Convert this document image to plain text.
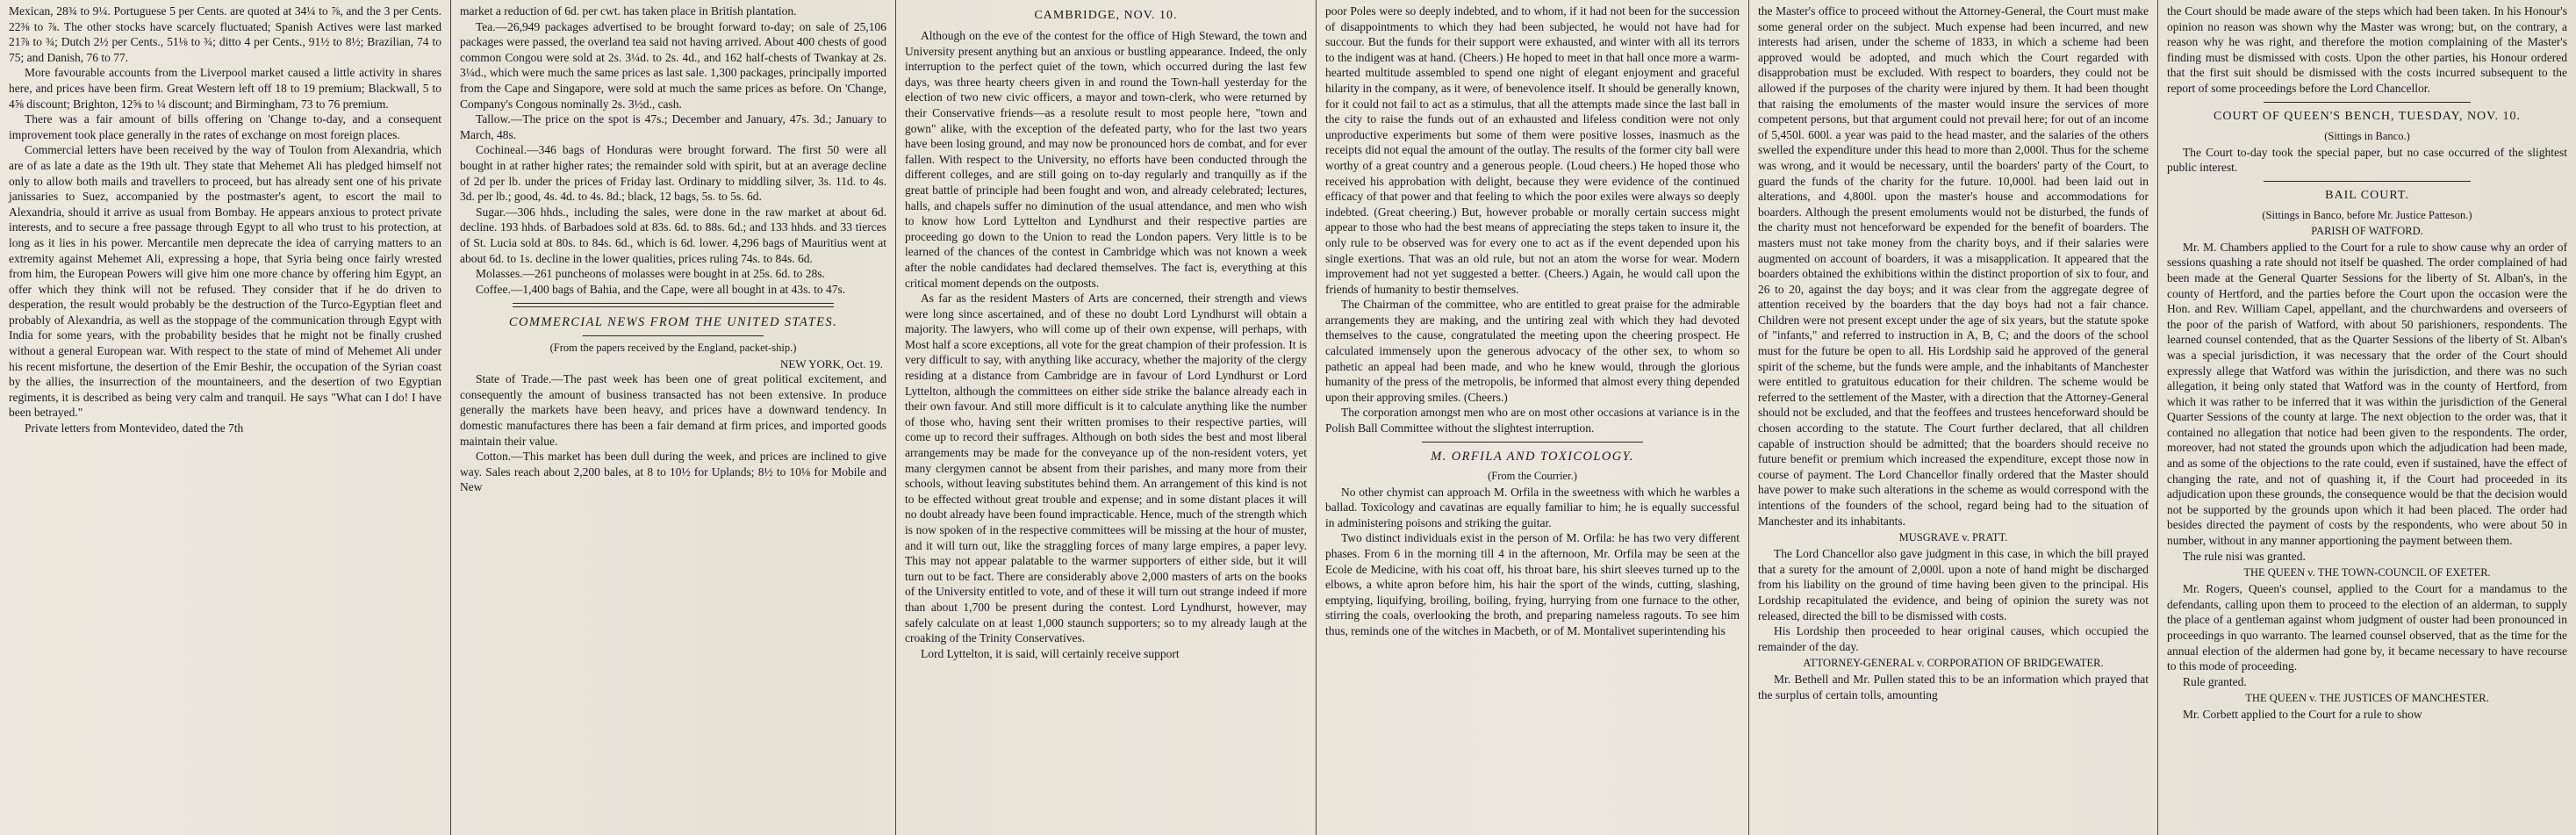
Mexican, 28¾ to 9¼. Portuguese 5 per Cents. are quoted at 34¼ to ⅞, and the 3 per Cents. 22⅜ to ⅞. The other stocks have scarcely fluctuated; Spanish Actives were last marked 21⅞ to ¾; Dutch 2½ per Cents., 51⅛ to ¾; ditto 4 per Cents., 91½ to 8½; Brazilian, 74 to 75; and Danish, 76 to 77.

More favourable accounts from the Liverpool market caused a little activity in shares here, and prices have been firm. Great Western left off 18 to 19 premium; Blackwall, 5 to 4⅝ discount; Brighton, 12⅝ to ¼ discount; and Birmingham, 73 to 76 premium.

There was a fair amount of bills offering on 'Change to-day, and a consequent improvement took place generally in the rates of exchange on most foreign places.

Commercial letters have been received by the way of Toulon from Alexandria, which are of as late a date as the 19th ult. They state that Mehemet Ali has pledged himself not only to allow both mails and travellers to proceed, but has already sent one of his private janissaries to Suez, accompanied by the postmaster's agent, to escort the mail to Alexandria, should it arrive as usual from Bombay. He appears anxious to protect private interests, and to secure a free passage through Egypt to all who trust to his protection, at long as it lies in his power. Mercantile men deprecate the idea of carrying matters to an extremity against Mehemet Ali, expressing a hope, that Syria being once fairly wrested from him, the European Powers will give him one more chance by offering him Egypt, an offer which they think will not be refused. They consider that if he do driven to desperation, the result would probably be the destruction of the Turco-Egyptian fleet and probably of Alexandria, as well as the stoppage of the communication through Egypt with India for some years, with the probability besides that he might not be finally crushed without a general European war. With respect to the state of mind of Mehemet Ali under his recent misfortune, the desertion of the Emir Beshir, the occupation of the Syrian coast by the allies, the insurrection of the mountaineers, and the desertion of two Egyptian regiments, it is described as being very calm and tranquil. He says "What can I do! I have been betrayed."

Private letters from Montevideo, dated the 7th

market a reduction of 6d. per cwt. has taken place in British plantation.

Tea.—26,949 packages advertised to be brought forward to-day; on sale of 25,106 packages were passed, the overland tea said not having arrived. About 400 chests of good common Congou were sold at 2s. 3¼d. to 2s. 4d., and 162 half-chests of Twankay at 2s. 3¼d., which were much the same prices as last sale. 1,300 packages, principally imported from the Cape and Singapore, were sold at much the same prices as before. On 'Change, Company's Congous nominally 2s. 3½d., cash.

Tallow.—The price on the spot is 47s.; December and January, 47s. 3d.; January to March, 48s.

Cochineal.—346 bags of Honduras were brought forward. The first 50 were all bought in at rather higher rates; the remainder sold with spirit, but at an average decline of 2d per lb. under the prices of Friday last. Ordinary to middling silver, 3s. 11d. to 4s. 3d. per lb.; good, 4s. 4d. to 4s. 8d.; black, 12 bags, 5s. to 5s. 6d.

Sugar.—306 hhds., including the sales, were done in the raw market at about 6d. decline. 193 hhds. of Barbadoes sold at 83s. 6d. to 88s. 6d.; and 133 hhds. and 33 tierces of St. Lucia sold at 80s. to 84s. 6d., which is 6d. lower. 4,296 bags of Mauritius went at about 6d. to 1s. decline in the lower qualities, prices ruling 74s. to 84s. 6d.

Molasses.—261 puncheons of molasses were bought in at 25s. 6d. to 28s.

Coffee.—1,400 bags of Bahia, and the Cape, were all bought in at 43s. to 47s.

COMMERCIAL NEWS FROM THE UNITED STATES.
(From the papers received by the England, packet-ship.)
NEW YORK, Oct. 19.

State of Trade.—The past week has been one of great political excitement, and consequently the amount of business transacted has not been extensive. In produce generally the markets have been heavy, and prices have a downward tendency. In domestic manufactures there has been a fair demand at firm prices, and imported goods maintain their value.

Cotton.—This market has been dull during the week, and prices are inclined to give way. Sales reach about 2,200 bales, at 8 to 10½ for Uplands; 8½ to 10⅛ for Mobile and New

CAMBRIDGE, NOV. 10.

Although on the eve of the contest for the office of High Steward, the town and University present anything but an anxious or bustling appearance. Indeed, the only interruption to the perfect quiet of the town, which occurred during the last few days, was three hearty cheers given in and round the Town-hall yesterday for the election of two new civic officers, a mayor and town-clerk, who were returned by their Conservative friends—as a resolute result to most people here, "town and gown" alike, with the exception of the defeated party, who for the last two years have been losing ground, and may now be pronounced hors de combat, and for ever fallen. With respect to the University, no efforts have been conducted through the different colleges, and are still going on to-day regularly and tranquilly as if the great battle of principle had been fought and won, and already celebrated; lectures, halls, and chapels suffer no diminution of the usual attendance, and men who wish to know how Lord Lyttelton and Lyndhurst and their respective parties are proceeding go down to the Union to read the London papers. Very little is to be learned of the chances of the contest in Cambridge which was not known a week after the noble candidates had declared themselves. The fact is, everything at this critical moment depends on the outposts.

As far as the resident Masters of Arts are concerned, their strength and views were long since ascertained, and of these no doubt Lord Lyndhurst will obtain a majority. The lawyers, who will come up of their own expense, will perhaps, with Most half a score exceptions, all vote for the great champion of their profession. It is very difficult to say, with anything like accuracy, whether the majority of the clergy residing at a distance from Cambridge are in favour of Lord Lyndhurst or Lord Lyttelton, although the committees on either side strike the balance already each in their own favour. And still more difficult is it to calculate anything like the number of those who, having sent their written promises to their respective parties, will come up to record their suffrages. Although on both sides the best and most liberal arrangements may be made for the conveyance up of the non-resident voters, yet many clergymen cannot be absent from their parishes, and many more from their schools, without leaving substitutes behind them. An arrangement of this kind is not to be effected without great trouble and expense; and in some distant places it will no doubt already have been found impracticable. Hence, much of the strength which is now spoken of in the respective committees will be missing at the hour of muster, and it will turn out, like the straggling forces of many large empires, a paper levy. This may not appear palatable to the warmer supporters of either side, but it will turn out to be fact. There are considerably above 2,000 masters of arts on the books of the University entitled to vote, and of these it will turn out strange indeed if more than about 1,700 be present during the contest. Lord Lyndhurst, however, may safely calculate on at least 1,000 staunch supporters; so to my already laugh at the croaking of the Trinity Conservatives.

Lord Lyttelton, it is said, will certainly receive support

poor Poles were so deeply indebted, and to whom, if it had not been for the succession of disappointments to which they had been subjected, he would not have had for succour. But the funds for their support were exhausted, and winter with all its terrors to the indigent was at hand. (Cheers.) He hoped to meet in that hall once more a warm-hearted multitude assembled to spend one night of elegant enjoyment and graceful hilarity in the company, as it were, of benevolence itself. It should be generally known, for it could not fail to act as a stimulus, that all the attempts made since the last ball in the city to raise the funds out of an exhausted and lifeless condition were not only unproductive experiments but some of them were positive losses, inasmuch as the receipts did not equal the amount of the outlay. The results of the former city ball were worthy of a great country and a generous people. (Loud cheers.) He hoped those who received his approbation with delight, because they were evidence of the continued efficacy of that power and that feeling to which the poor exiles were always so deeply indebted. (Great cheering.) But, however probable or morally certain success might appear to those who had the best means of appreciating the steps taken to insure it, the only rule to be observed was for every one to act as if the event depended upon his single exertions. That was an old rule, but not an atom the worse for wear. Modern improvement had not yet suggested a better. (Cheers.) Again, he would call upon the friends of humanity to bestir themselves.

The Chairman of the committee, who are entitled to great praise for the admirable arrangements they are making, and the untiring zeal with which they had devoted themselves to the cause, congratulated the meeting upon the cheering prospect. He calculated immensely upon the generous advocacy of the other sex, to whom so pathetic an appeal had been made, and who he knew would, through the glorious humanity of the press of the metropolis, be informed that almost every thing depended upon their approving smiles. (Cheers.)

The corporation amongst men who are on most other occasions at variance is in the Polish Ball Committee without the slightest interruption.

M. ORFILA AND TOXICOLOGY.
(From the Courrier.)

No other chymist can approach M. Orfila in the sweetness with which he warbles a ballad. Toxicology and cavatinas are equally familiar to him; he is equally successful in administering poisons and striking the guitar.

Two distinct individuals exist in the person of M. Orfila: he has two very different phases. From 6 in the morning till 4 in the afternoon, Mr. Orfila may be seen at the Ecole de Medicine, with his coat off, his throat bare, his shirt sleeves turned up to the elbows, a white apron before him, his hair the sport of the winds, cutting, slashing, emptying, liquifying, broiling, boiling, frying, hurrying from one furnace to the other, stirring the coals, overlooking the broth, and preparing nameless ragouts. To see him thus, reminds one of the witches in Macbeth, or of M. Montalivet superintending his

the Master's office to proceed without the Attorney-General, the Court must make some general order on the subject. Much expense had been incurred, and new interests had arisen, under the scheme of 1833, in which a scheme had been approved would be adopted, and much which the Court regarded with disapprobation must be excluded. With respect to boarders, they could not be allowed if the purposes of the charity were injured by them. It had been thought that raising the emoluments of the master would insure the services of more competent persons, but that argument could not prevail here; for out of an income of 5,450l. 600l. a year was paid to the head master, and the salaries of the others swelled the expenditure under this head to more than 2,000l. Thus for the scheme was wrong, and it would be necessary, until the boarders' party of the Court, to guard the funds of the charity for the future. 10,000l. had been laid out in alterations, and 4,800l. upon the master's house and accommodations for boarders. Although the present emoluments would not be disturbed, the funds of the charity must not henceforward be expended for the benefit of boarders. The masters must not take money from the charity boys, and if their salaries were augmented on account of boarders, it was a misapplication. It appeared that the boarders obtained the exhibitions within the distinct proportion of six to four, and 26 to 20, against the day boys; and it was clear from the aggregate degree of attention received by the boarders that the day boys had not a fair chance. Children were not present except under the age of six years, but the statute spoke of "infants," and referred to instruction in A, B, C; and the doors of the school must for the future be open to all. His Lordship said he approved of the general spirit of the scheme, but the funds were ample, and the inhabitants of Manchester were entitled to gratuitous education for their children. The scheme would be referred to the settlement of the Master, with a direction that the Attorney-General should not be excluded, and that the feoffees and trustees henceforward should be chosen according to the statute. The Court further declared, that all children capable of instruction should be admitted; that the boarders should receive no future benefit or premium which increased the expenditure, except those now in course of payment. The Lord Chancellor finally ordered that the Master should have power to make such alterations in the scheme as would correspond with the intentions of the founders of the school, regard being had to the situation of Manchester and its inhabitants.

MUSGRAVE v. PRATT.

The Lord Chancellor also gave judgment in this case, in which the bill prayed that a surety for the amount of 2,000l. upon a note of hand might be discharged from his liability on the ground of time having been given to the principal. His Lordship recapitulated the evidence, and being of opinion the surety was not released, directed the bill to be dismissed with costs.

His Lordship then proceeded to hear original causes, which occupied the remainder of the day.

ATTORNEY-GENERAL v. CORPORATION OF BRIDGEWATER.

Mr. Bethell and Mr. Pullen stated this to be an information which prayed that the surplus of certain tolls, amounting

the Court should be made aware of the steps which had been taken. In his Honour's opinion no reason was shown why the Master was wrong; but, on the contrary, a reason why he was right, and therefore the motion complaining of the Master's finding must be dismissed with costs. Upon the other parties, his Honour ordered that the first suit should be dismissed with the costs incurred subsequent to the report of some proceedings before the Lord Chancellor.

COURT OF QUEEN'S BENCH, TUESDAY, NOV. 10.
(Sittings in Banco.)

The Court to-day took the special paper, but no case occurred of the slightest public interest.

BAIL COURT.
(Sittings in Banco, before Mr. Justice Patteson.)
PARISH OF WATFORD.

Mr. M. Chambers applied to the Court for a rule to show cause why an order of sessions quashing a rate should not itself be quashed. The order complained of had been made at the General Quarter Sessions for the liberty of St. Alban's, in the county of Hertford, and the parties before the Court upon the occasion were the Hon. and Rev. William Capel, appellant, and the churchwardens and overseers of the poor of the parish of Watford, with about 50 parishioners, respondents. The learned counsel contended, that as the Quarter Sessions of the liberty of St. Alban's was a special jurisdiction, it was necessary that the order of the Court should expressly allege that Watford was within the jurisdiction, and there was no such allegation, it being only stated that Watford was in the county of Hertford, from which it was rather to be inferred that it was within the jurisdiction of the General Quarter Sessions of the county at large. The next objection to the order was, that it contained no allegation that notice had been given to the respondents. The order, moreover, had not stated the grounds upon which the adjudication had been made, and as some of the objections to the rate could, even if sustained, have the effect of changing the rate, and not of quashing it, if the Court had proceeded in its adjudication upon these grounds, the consequence would be that the decision would not be supported by the grounds upon which it had been placed. The order had besides directed the payment of costs by the respondents, who were about 50 in number, without in any manner apportioning the payment between them.

The rule nisi was granted.

THE QUEEN v. THE TOWN-COUNCIL OF EXETER.

Mr. Rogers, Queen's counsel, applied to the Court for a mandamus to the defendants, calling upon them to proceed to the election of an alderman, to supply the place of a gentleman against whom judgment of ouster had been pronounced in proceedings in quo warranto. The learned counsel observed, that as the time for the annual election of the aldermen had gone by, it became necessary to have recourse to this mode of proceeding.

Rule granted.

THE QUEEN v. THE JUSTICES OF MANCHESTER.

Mr. Corbett applied to the Court for a rule to show
